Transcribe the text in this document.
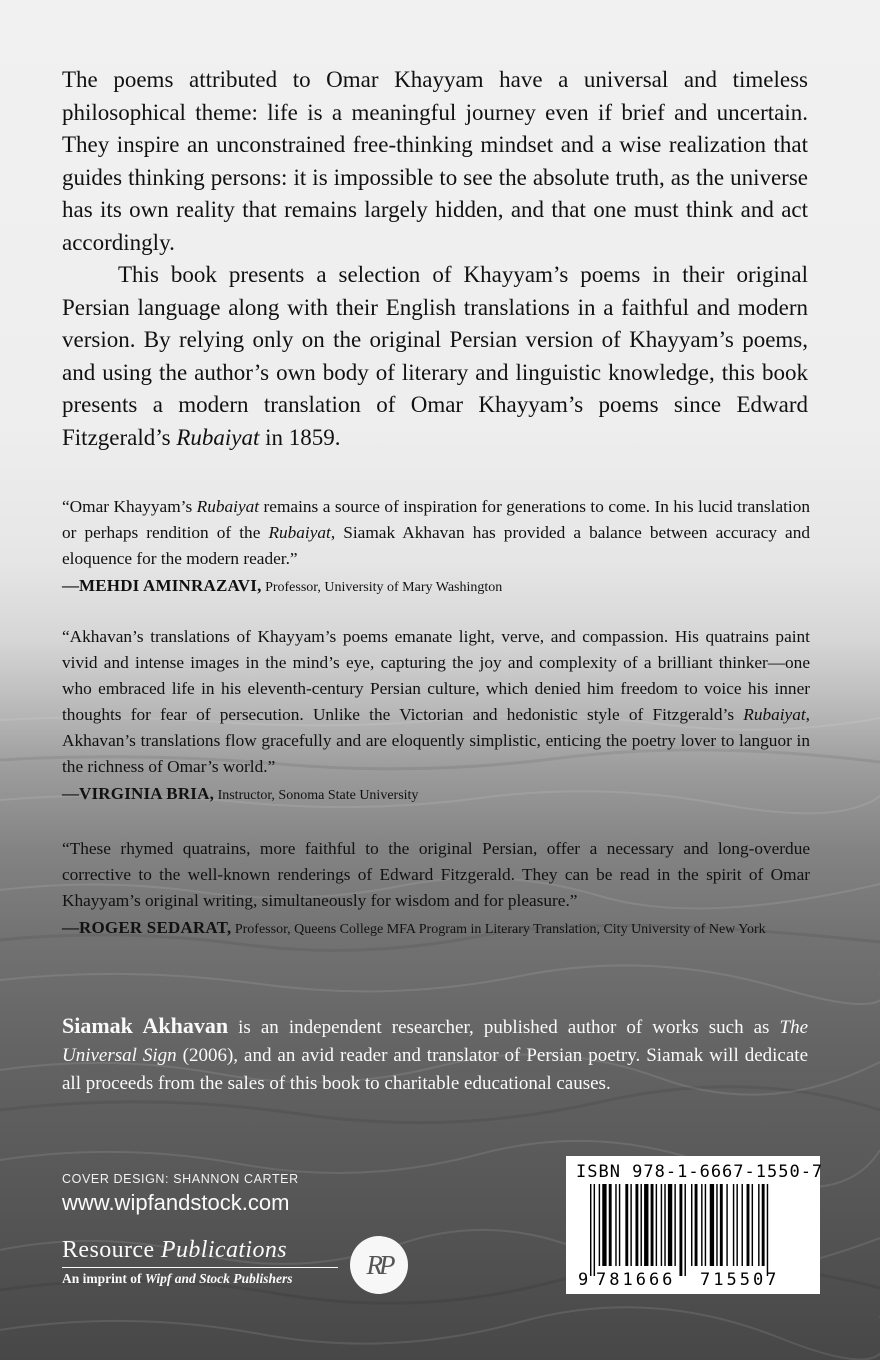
The poems attributed to Omar Khayyam have a universal and timeless philosophical theme: life is a meaningful journey even if brief and uncertain. They inspire an unconstrained free-thinking mindset and a wise realization that guides thinking persons: it is impossible to see the absolute truth, as the universe has its own reality that remains largely hidden, and that one must think and act accordingly.

This book presents a selection of Khayyam’s poems in their original Persian language along with their English translations in a faithful and modern version. By relying only on the original Persian version of Khayyam’s poems, and using the author’s own body of literary and linguistic knowledge, this book presents a modern translation of Omar Khayyam’s poems since Edward Fitzgerald’s Rubaiyat in 1859.

“Omar Khayyam’s Rubaiyat remains a source of inspiration for generations to come. In his lucid translation or perhaps rendition of the Rubaiyat, Siamak Akhavan has provided a balance between accuracy and eloquence for the modern reader.”

—MEHDI AMINRAZAVI, Professor, University of Mary Washington

“Akhavan’s translations of Khayyam’s poems emanate light, verve, and compassion. His quatrains paint vivid and intense images in the mind’s eye, capturing the joy and complexity of a brilliant thinker—one who embraced life in his eleventh-century Persian culture, which denied him freedom to voice his inner thoughts for fear of persecution. Unlike the Victorian and hedonistic style of Fitzgerald’s Rubaiyat, Akhavan’s translations flow gracefully and are eloquently simplistic, enticing the poetry lover to languor in the richness of Omar’s world.”

—VIRGINIA BRIA, Instructor, Sonoma State University

“These rhymed quatrains, more faithful to the original Persian, offer a necessary and long-overdue corrective to the well-known renderings of Edward Fitzgerald. They can be read in the spirit of Omar Khayyam’s original writing, simultaneously for wisdom and for pleasure.”

—ROGER SEDARAT, Professor, Queens College MFA Program in Literary Translation, City University of New York

Siamak Akhavan is an independent researcher, published author of works such as The Universal Sign (2006), and an avid reader and translator of Persian poetry. Siamak will dedicate all proceeds from the sales of this book to charitable educational causes.

COVER DESIGN: SHANNON CARTER
www.wipfandstock.com
Resource Publications
An imprint of Wipf and Stock Publishers	RP
ISBN 978-1-6667-1550-7
9 781666 715507
